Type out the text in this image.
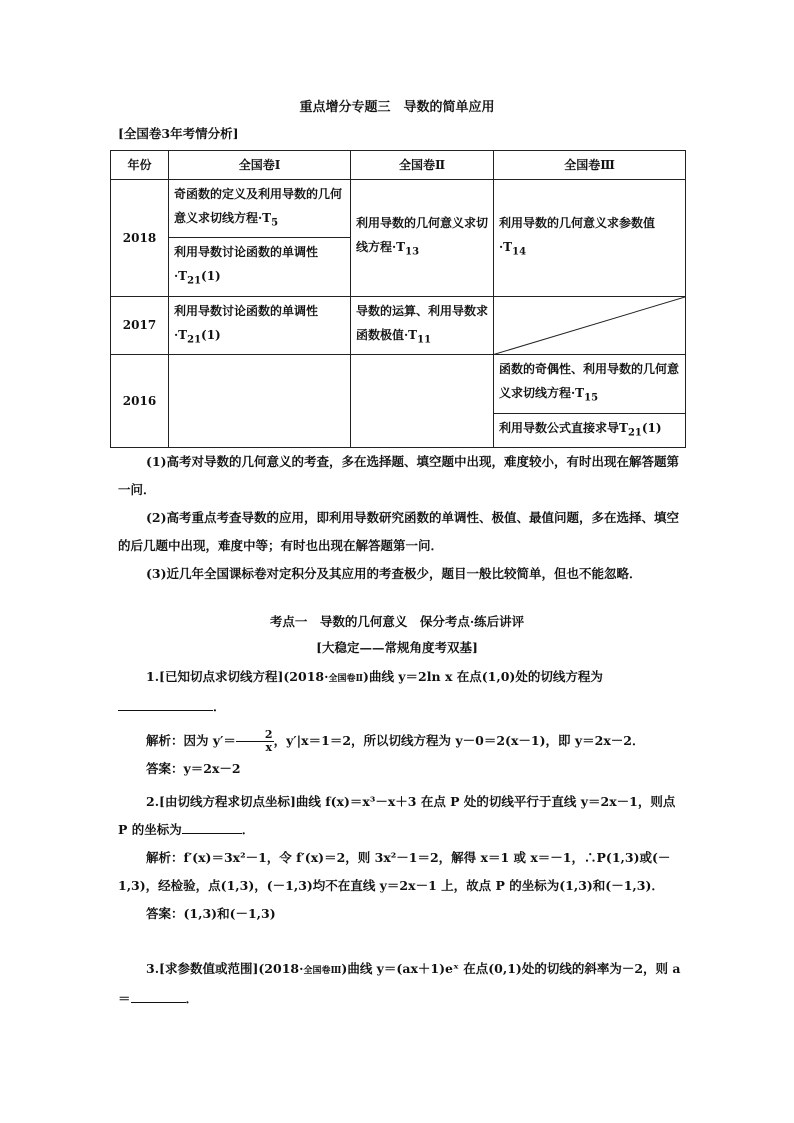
重点增分专题三　导数的简单应用
[全国卷3年考情分析]
年份	全国卷Ⅰ	全国卷Ⅱ	全国卷Ⅲ
2018	奇函数的定义及利用导数的几何意义求切线方程$\cdot T_5$	利用导数的几何意义求切线方程$\cdot T_{13}$	利用导数的几何意义求参数值$\cdot T_{14}$
	利用导数讨论函数的单调性$\cdot T_{21}(1)$		
2017	利用导数讨论函数的单调性$\cdot T_{21}(1)$	导数的运算、利用导数求函数极值$\cdot T_{11}$	

2016			函数的奇偶性、利用导数的几何意义求切线方程$\cdot T_{15}$
			利用导数公式直接求导$T_{21}(1)$

(1)高考对导数的几何意义的考查，多在选择题、填空题中出现，难度较小，有时出现在解答题第一问．

(2)高考重点考查导数的应用，即利用导数研究函数的单调性、极值、最值问题，多在选择、填空的后几题中出现，难度中等；有时也出现在解答题第一问．

(3)近几年全国课标卷对定积分及其应用的考查极少，题目一般比较简单，但也不能忽略．

考点一　导数的几何意义　保分考点·练后讲评
[大稳定——常规角度考双基]

1.[已知切点求切线方程](2018·全国卷Ⅱ)曲线 y＝2ln x 在点(1,0)处的切线方程为．

解析：因为 $y'= \frac{2}{x}$ ，y′|x＝1＝2，所以切线方程为 y－0＝2(x－1)，即 y＝2x－2．

答案：y＝2x－2

2.[由切线方程求切点坐标]曲线 f(x)＝x³－x＋3 在点 P 处的切线平行于直线 y＝2x－1，则点 P 的坐标为	．

解析：f′(x)＝3x²－1，令 f′(x)＝2，则 3x²－1＝2，解得 x＝1 或 x＝－1，∴P(1,3)或(－1,3)，经检验，点(1,3)，(－1,3)均不在直线 y＝2x－1 上，故点 P 的坐标为(1,3)和(－1,3)．

答案：(1,3)和(－1,3)

3.[求参数值或范围](2018·全国卷Ⅲ)曲线 y＝(ax＋1)eˣ 在点(0,1)处的切线的斜率为－2，则 a＝	．
